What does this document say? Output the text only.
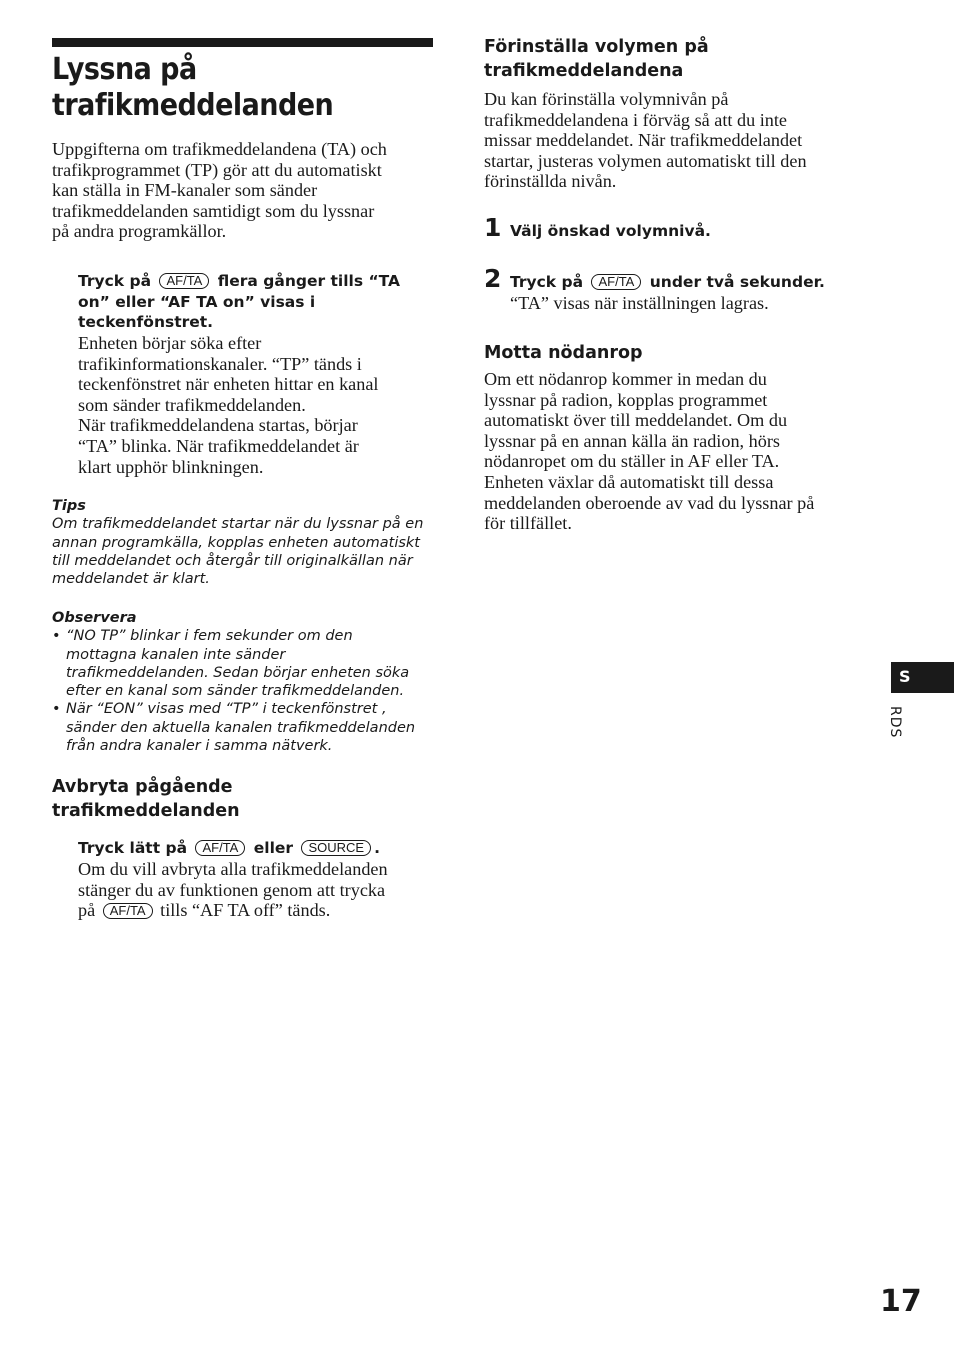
Lyssna på
trafikmeddelanden
Uppgifterna om trafikmeddelandena (TA) och
trafikprogrammet (TP) gör att du automatiskt
kan ställa in FM-kanaler som sänder
trafikmeddelanden samtidigt som du lyssnar
på andra programkällor.
Tryck på AF/TA flera gånger tills “TA
on” eller “AF TA on” visas i
teckenfönstret.
Enheten börjar söka efter
trafikinformationskanaler. “TP” tänds i
teckenfönstret när enheten hittar en kanal
som sänder trafikmeddelanden.
När trafikmeddelandena startas, börjar
“TA” blinka. När trafikmeddelandet är
klart upphör blinkningen.
Tips
Om trafikmeddelandet startar när du lyssnar på en
annan programkälla, kopplas enheten automatiskt
till meddelandet och återgår till originalkällan när
meddelandet är klart.
Observera
• “NO TP” blinkar i fem sekunder om den
mottagna kanalen inte sänder
trafikmeddelanden. Sedan börjar enheten söka
efter en kanal som sänder trafikmeddelanden.
• När “EON” visas med “TP” i teckenfönstret ,
sänder den aktuella kanalen trafikmeddelanden
från andra kanaler i samma nätverk.
Avbryta pågående
trafikmeddelanden
Tryck lätt på AF/TA eller SOURCE .
Om du vill avbryta alla trafikmeddelanden
stänger du av funktionen genom att trycka
på AF/TA tills “AF TA off” tänds.
Förinställa volymen på
trafikmeddelandena
Du kan förinställa volymnivån på
trafikmeddelandena i förväg så att du inte
missar meddelandet. När trafikmeddelandet
startar, justeras volymen automatiskt till den
förinställda nivån.
1 Välj önskad volymnivå.
2 Tryck på AF/TA under två sekunder.
“TA” visas när inställningen lagras.
Motta nödanrop
Om ett nödanrop kommer in medan du
lyssnar på radion, kopplas programmet
automatiskt över till meddelandet. Om du
lyssnar på en annan källa än radion, hörs
nödanropet om du ställer in AF eller TA.
Enheten växlar då automatiskt till dessa
meddelanden oberoende av vad du lyssnar på
för tillfället.
S
RDS
17
